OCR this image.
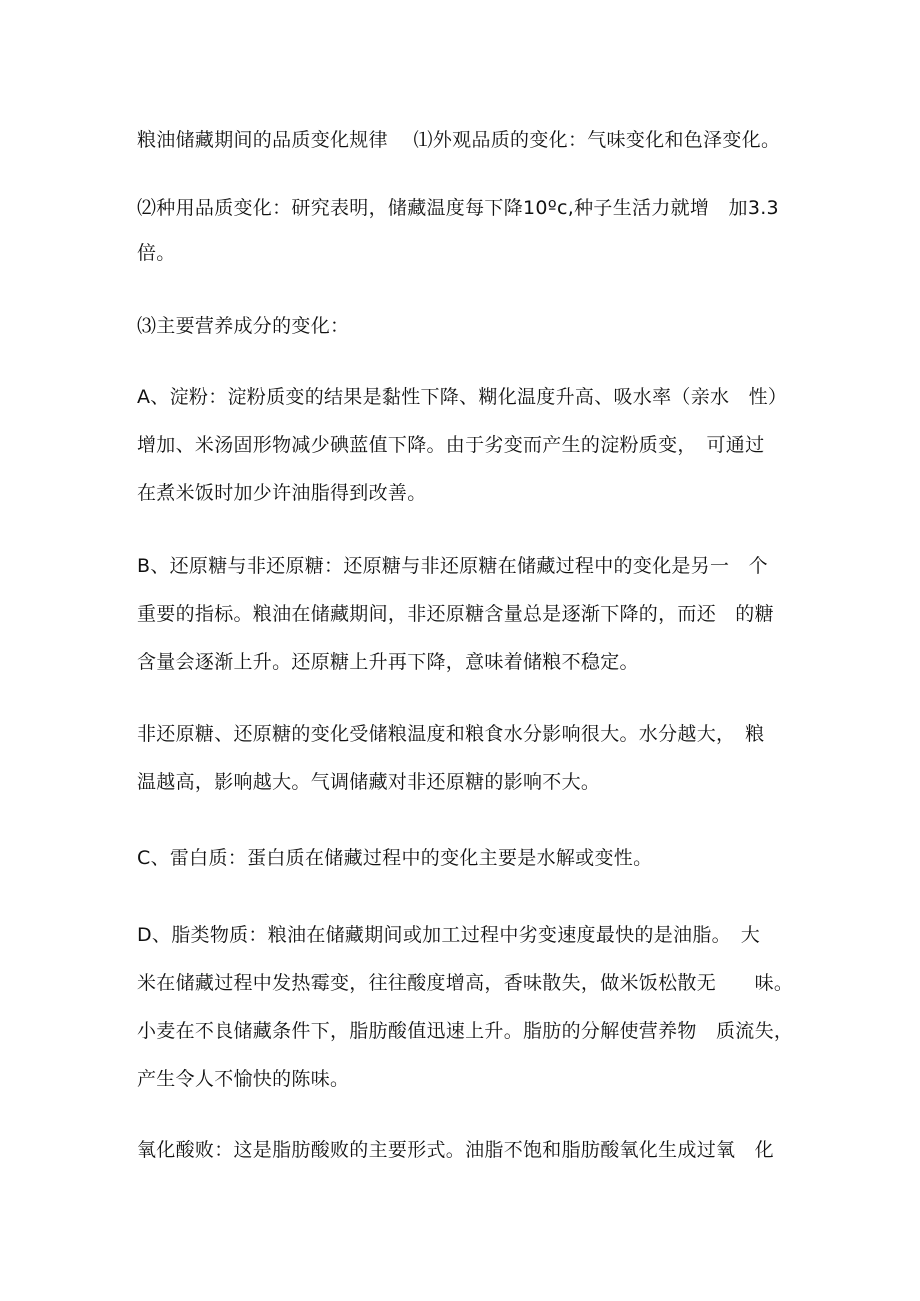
粮油储藏期间的品质变化规律　 ⑴外观品质的变化：气味变化和色泽变化。
⑵种用品质变化：研究表明，储藏温度每下降10ºc,种子生活力就增　加3.3
倍。
⑶主要营养成分的变化：
A、淀粉：淀粉质变的结果是黏性下降、糊化温度升高、吸水率（亲水　性）
增加、米汤固形物减少碘蓝值下降。由于劣变而产生的淀粉质变，　可通过
在煮米饭时加少许油脂得到改善。
B、还原糖与非还原糖：还原糖与非还原糖在储藏过程中的变化是另一　个
重要的指标。粮油在储藏期间，非还原糖含量总是逐渐下降的，而还　的糖
含量会逐渐上升。还原糖上升再下降，意味着储粮不稳定。
非还原糖、还原糖的变化受储粮温度和粮食水分影响很大。水分越大，　粮
温越高，影响越大。气调储藏对非还原糖的影响不大。
C、雷白质：蛋白质在储藏过程中的变化主要是水解或变性。
D、脂类物质：粮油在储藏期间或加工过程中劣变速度最快的是油脂。　大
米在储藏过程中发热霉变，往往酸度增高，香味散失，做米饭松散无　　味。
小麦在不良储藏条件下，脂肪酸值迅速上升。脂肪的分解使营养物　质流失，
产生令人不愉快的陈味。
氧化酸败：这是脂肪酸败的主要形式。油脂不饱和脂肪酸氧化生成过氧　化
